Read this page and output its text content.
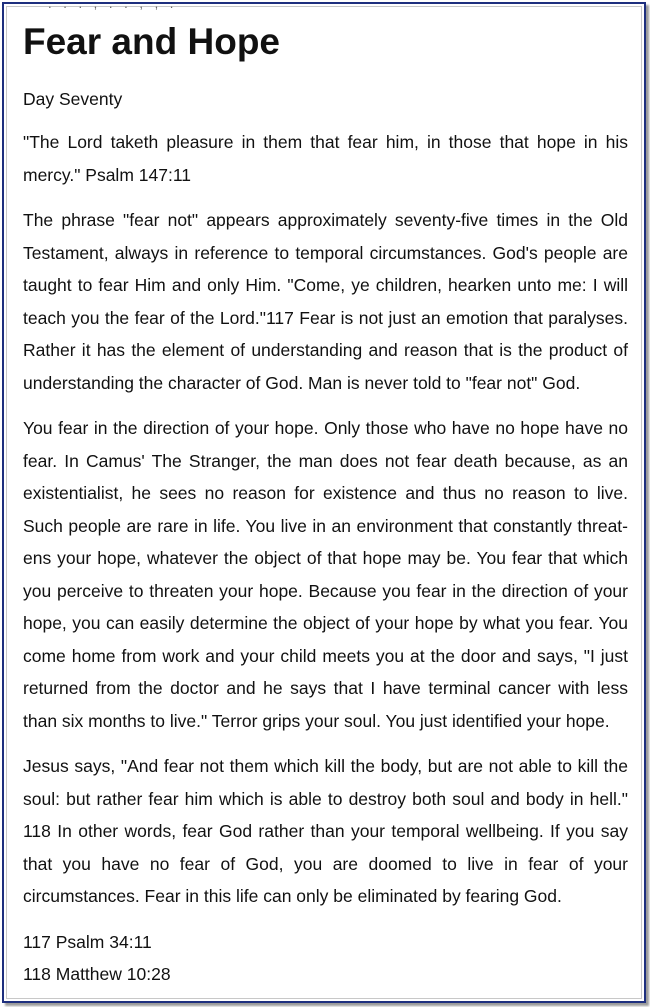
. . . , . . , , .
Fear and Hope
Day Seventy

"The Lord taketh pleasure in them that fear him, in those that hope in his mercy." Psalm 147:11

The phrase "fear not" appears approximately seventy-five times in the Old Testament, always in reference to temporal circumstances. God's people are taught to fear Him and only Him. "Come, ye children, hearken unto me: I will teach you the fear of the Lord."117 Fear is not just an emotion that paralyses. Rather it has the element of understanding and reason that is the product of understanding the character of God. Man is never told to "fear not" God.

You fear in the direction of your hope. Only those who have no hope have no fear. In Camus' The Stranger, the man does not fear death because, as an existentialist, he sees no reason for existence and thus no reason to live. Such people are rare in life. You live in an environment that constantly threat-ens your hope, whatever the object of that hope may be. You fear that which you perceive to threaten your hope. Because you fear in the direction of your hope, you can easily determine the object of your hope by what you fear. You come home from work and your child meets you at the door and says, "I just returned from the doctor and he says that I have terminal cancer with less than six months to live." Terror grips your soul. You just identified your hope.

Jesus says, "And fear not them which kill the body, but are not able to kill the soul: but rather fear him which is able to destroy both soul and body in hell." 118 In other words, fear God rather than your temporal wellbeing. If you say that you have no fear of God, you are doomed to live in fear of your circumstances. Fear in this life can only be eliminated by fearing God.

117 Psalm 34:11
118 Matthew 10:28
